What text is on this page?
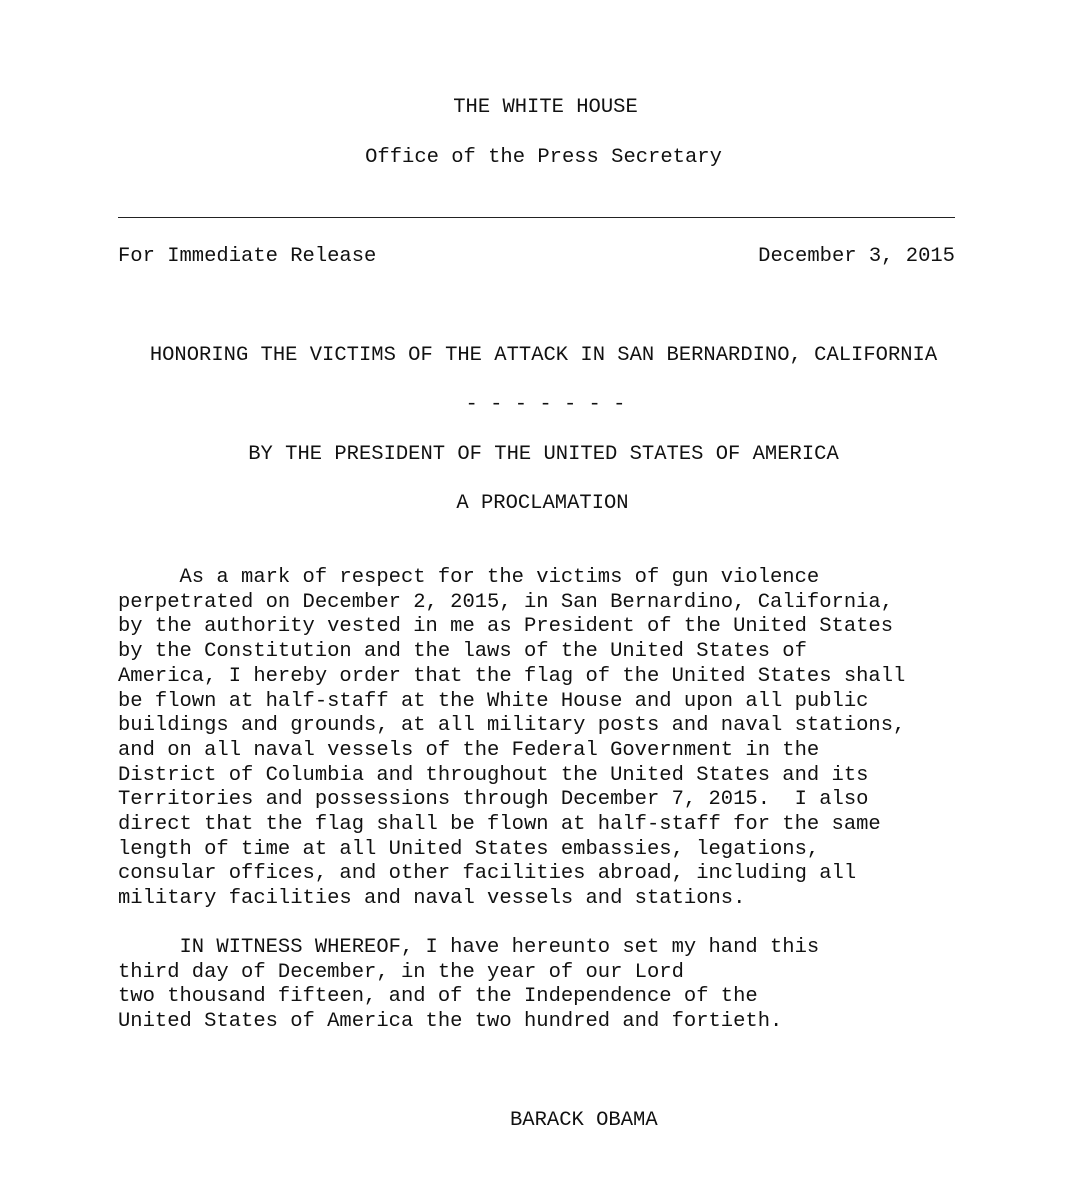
THE WHITE HOUSE
Office of the Press Secretary
For Immediate Release	December 3, 2015
HONORING THE VICTIMS OF THE ATTACK IN SAN BERNARDINO, CALIFORNIA
- - - - - - -
BY THE PRESIDENT OF THE UNITED STATES OF AMERICA
A PROCLAMATION
As a mark of respect for the victims of gun violence
perpetrated on December 2, 2015, in San Bernardino, California,
by the authority vested in me as President of the United States
by the Constitution and the laws of the United States of
America, I hereby order that the flag of the United States shall
be flown at half-staff at the White House and upon all public
buildings and grounds, at all military posts and naval stations,
and on all naval vessels of the Federal Government in the
District of Columbia and throughout the United States and its
Territories and possessions through December 7, 2015.  I also
direct that the flag shall be flown at half-staff for the same
length of time at all United States embassies, legations,
consular offices, and other facilities abroad, including all
military facilities and naval vessels and stations.
IN WITNESS WHEREOF, I have hereunto set my hand this
third day of December, in the year of our Lord
two thousand fifteen, and of the Independence of the
United States of America the two hundred and fortieth.
BARACK OBAMA
